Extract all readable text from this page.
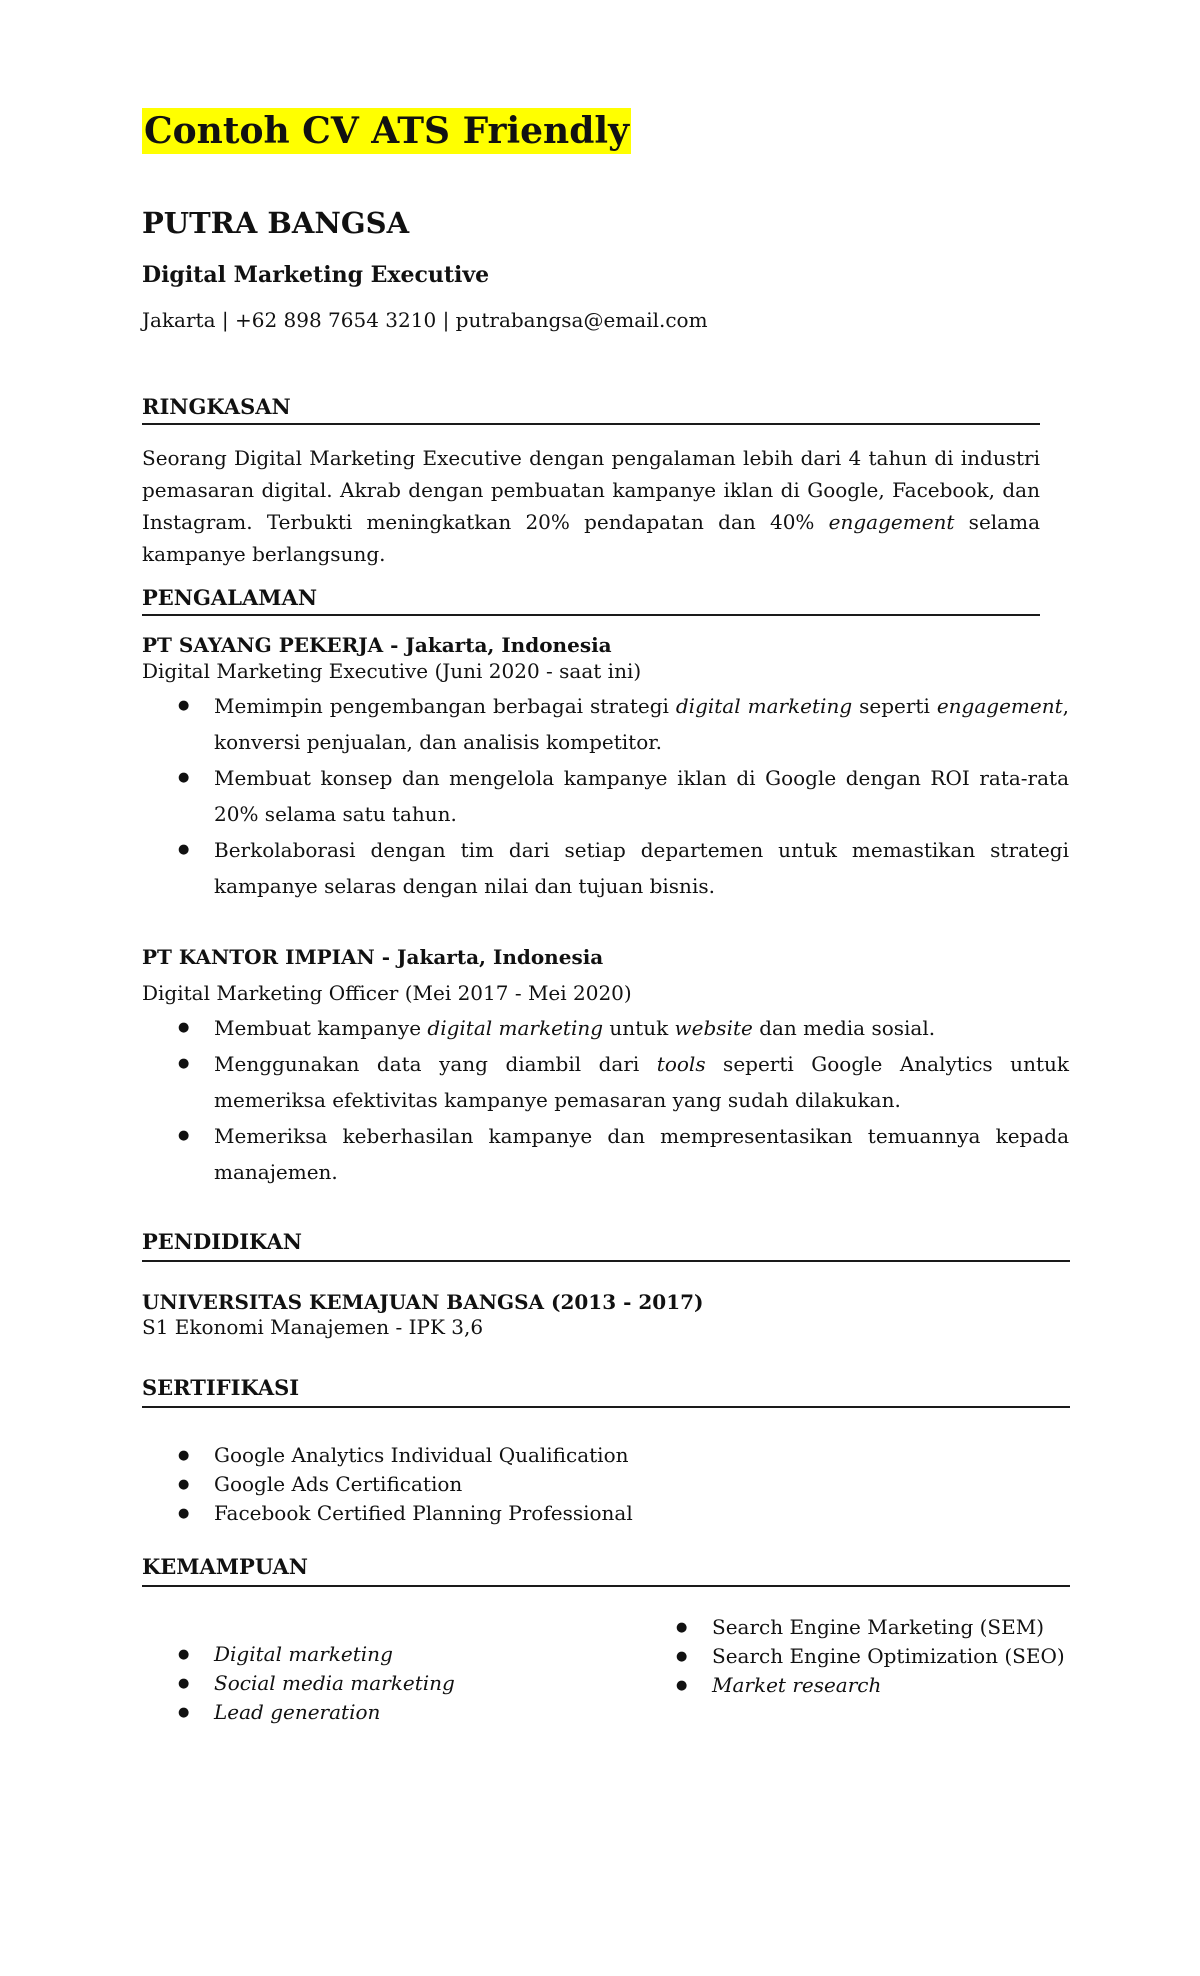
Contoh CV ATS Friendly
PUTRA BANGSA
Digital Marketing Executive
Jakarta | +62 898 7654 3210 | putrabangsa@email.com
RINGKASAN

Seorang Digital Marketing Executive dengan pengalaman lebih dari 4 tahun di industri pemasaran digital. Akrab dengan pembuatan kampanye iklan di Google, Facebook, dan Instagram. Terbukti meningkatkan 20% pendapatan dan 40% engagement selama kampanye berlangsung.

PENGALAMAN
PT SAYANG PEKERJA - Jakarta, Indonesia
Digital Marketing Executive (Juni 2020 - saat ini)
● Memimpin pengembangan berbagai strategi digital marketing seperti engagement, konversi penjualan, dan analisis kompetitor.
● Membuat konsep dan mengelola kampanye iklan di Google dengan ROI rata-rata 20% selama satu tahun.
● Berkolaborasi dengan tim dari setiap departemen untuk memastikan strategi kampanye selaras dengan nilai dan tujuan bisnis.
PT KANTOR IMPIAN - Jakarta, Indonesia
Digital Marketing Officer (Mei 2017 - Mei 2020)
● Membuat kampanye digital marketing untuk website dan media sosial.
● Menggunakan data yang diambil dari tools seperti Google Analytics untuk memeriksa efektivitas kampanye pemasaran yang sudah dilakukan.
● Memeriksa keberhasilan kampanye dan mempresentasikan temuannya kepada manajemen.
PENDIDIKAN
UNIVERSITAS KEMAJUAN BANGSA (2013 - 2017)
S1 Ekonomi Manajemen - IPK 3,6
SERTIFIKASI
● Google Analytics Individual Qualification
● Google Ads Certification
● Facebook Certified Planning Professional
KEMAMPUAN
● Digital marketing
● Social media marketing
● Lead generation
● Search Engine Marketing (SEM)
● Search Engine Optimization (SEO)
● Market research
